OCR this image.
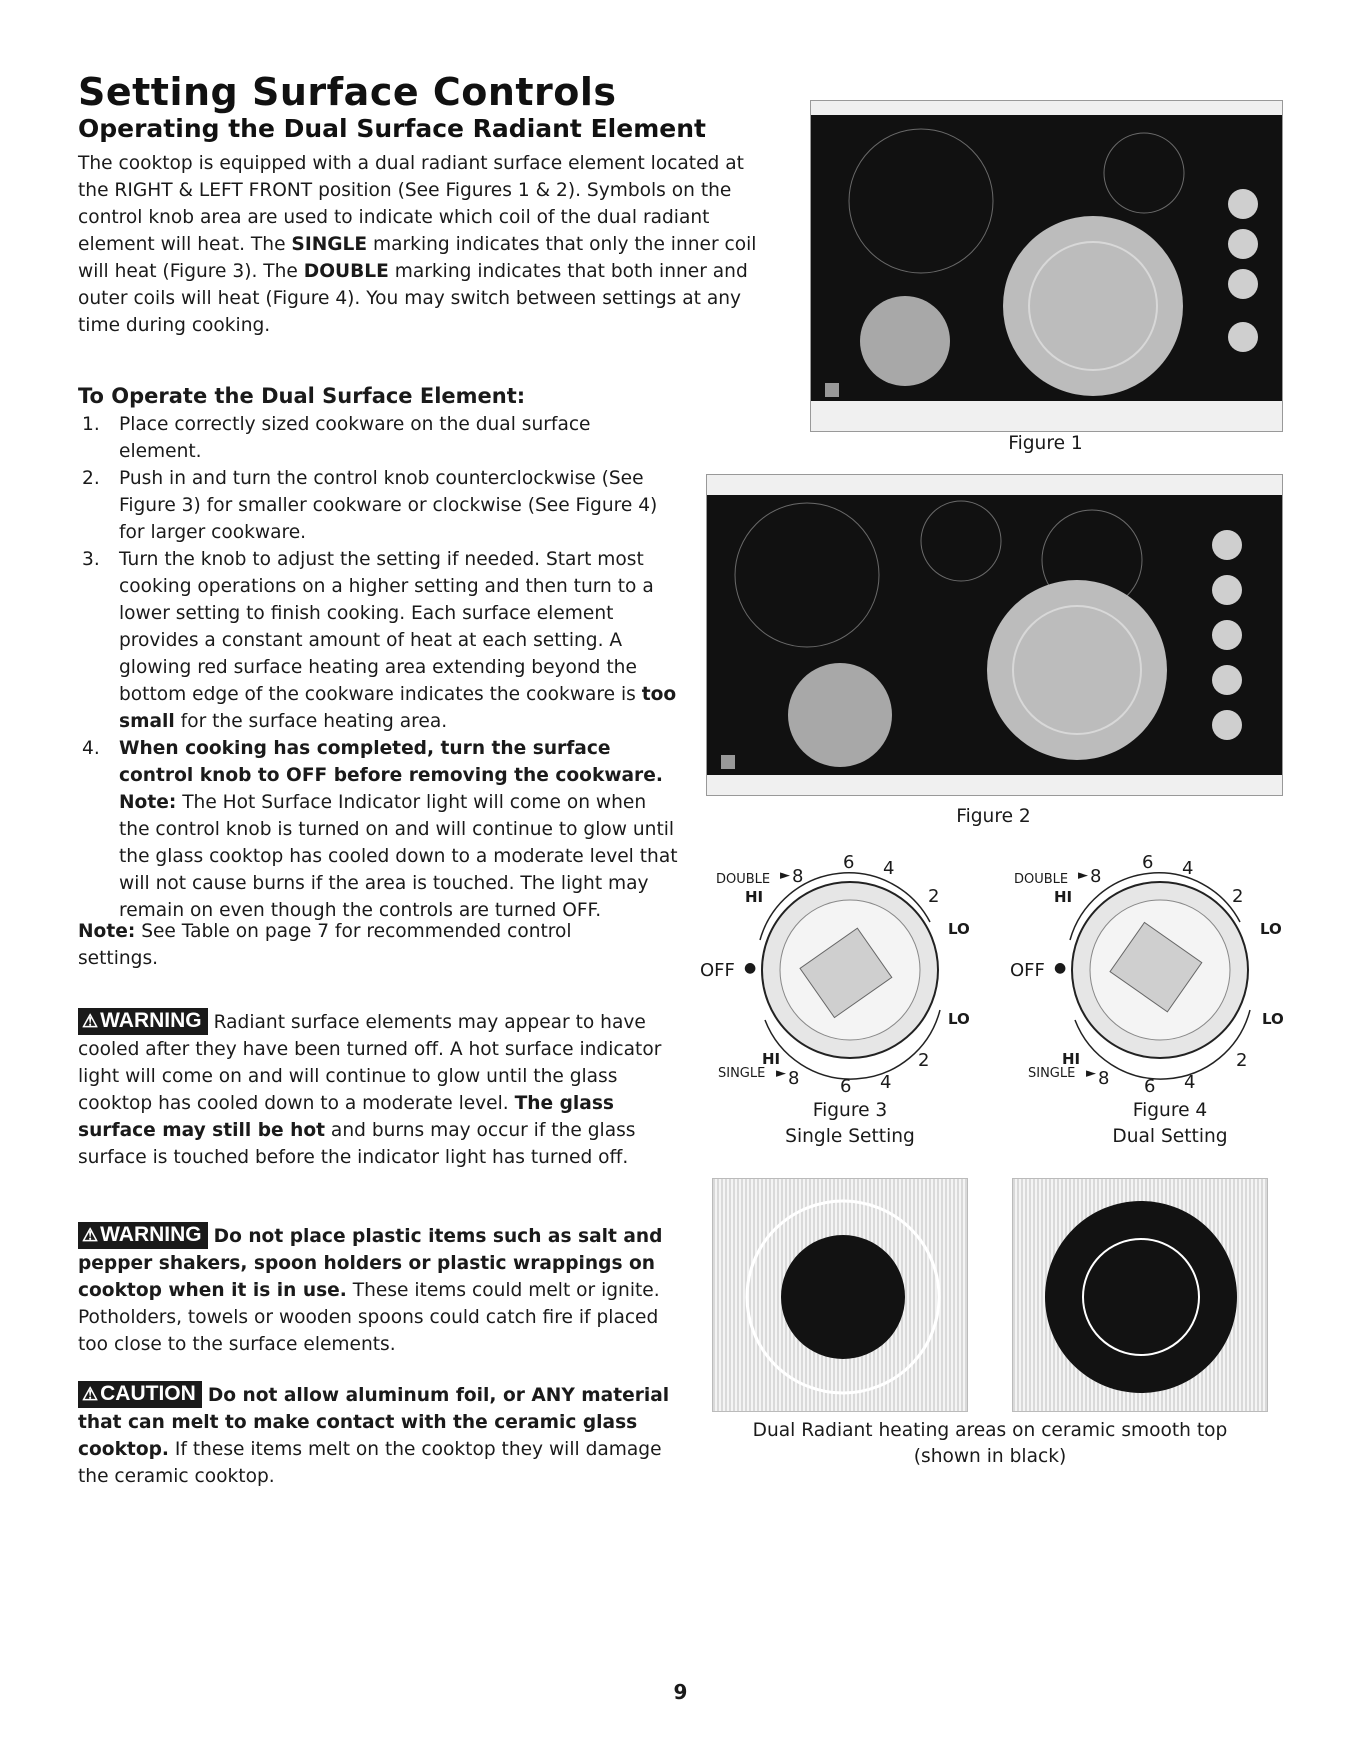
Setting Surface Controls
Operating the Dual Surface Radiant Element

The cooktop is equipped with a dual radiant surface element located at the RIGHT & LEFT FRONT position (See Figures 1 & 2). Symbols on the control knob area are used to indicate which coil of the dual radiant element will heat. The SINGLE marking indicates that only the inner coil will heat (Figure 3). The DOUBLE marking indicates that both inner and outer coils will heat (Figure 4). You may switch between settings at any time during cooking.

To Operate the Dual Surface Element:
1. Place correctly sized cookware on the dual surface element.
2. Push in and turn the control knob counterclockwise (See Figure 3) for smaller cookware or clockwise (See Figure 4) for larger cookware.
3. Turn the knob to adjust the setting if needed. Start most cooking operations on a higher setting and then turn to a lower setting to finish cooking. Each surface element provides a constant amount of heat at each setting. A glowing red surface heating area extending beyond the bottom edge of the cookware indicates the cookware is too small for the surface heating area.
4. When cooking has completed, turn the surface control knob to OFF before removing the cookware. Note: The Hot Surface Indicator light will come on when the control knob is turned on and will continue to glow until the glass cooktop has cooled down to a moderate level that will not cause burns if the area is touched. The light may remain on even though the controls are turned OFF.

Note: See Table on page 7 for recommended control settings.

⚠WARNING Radiant surface elements may appear to have cooled after they have been turned off. A hot surface indicator light will come on and will continue to glow until the glass cooktop has cooled down to a moderate level. The glass surface may still be hot and burns may occur if the glass surface is touched before the indicator light has turned off.

⚠WARNING Do not place plastic items such as salt and pepper shakers, spoon holders or plastic wrappings on cooktop when it is in use. These items could melt or ignite. Potholders, towels or wooden spoons could catch fire if placed too close to the surface elements.

⚠CAUTION Do not allow aluminum foil, or ANY material that can melt to make contact with the ceramic glass cooktop. If these items melt on the cooktop they will damage the ceramic cooktop.

Figure 1
Figure 2
DOUBLE ► 8
6 4
2
HI
LO
OFF ●
LO
HI	2
SINGLE ► 8 6 4
Figure 3
Single Setting
DOUBLE ► 8
6 4
2
HI
LO
OFF ●
LO
HI	2
SINGLE ► 8 6 4
Figure 4
Dual Setting
Dual Radiant heating areas on ceramic smooth top
(shown in black)
9
